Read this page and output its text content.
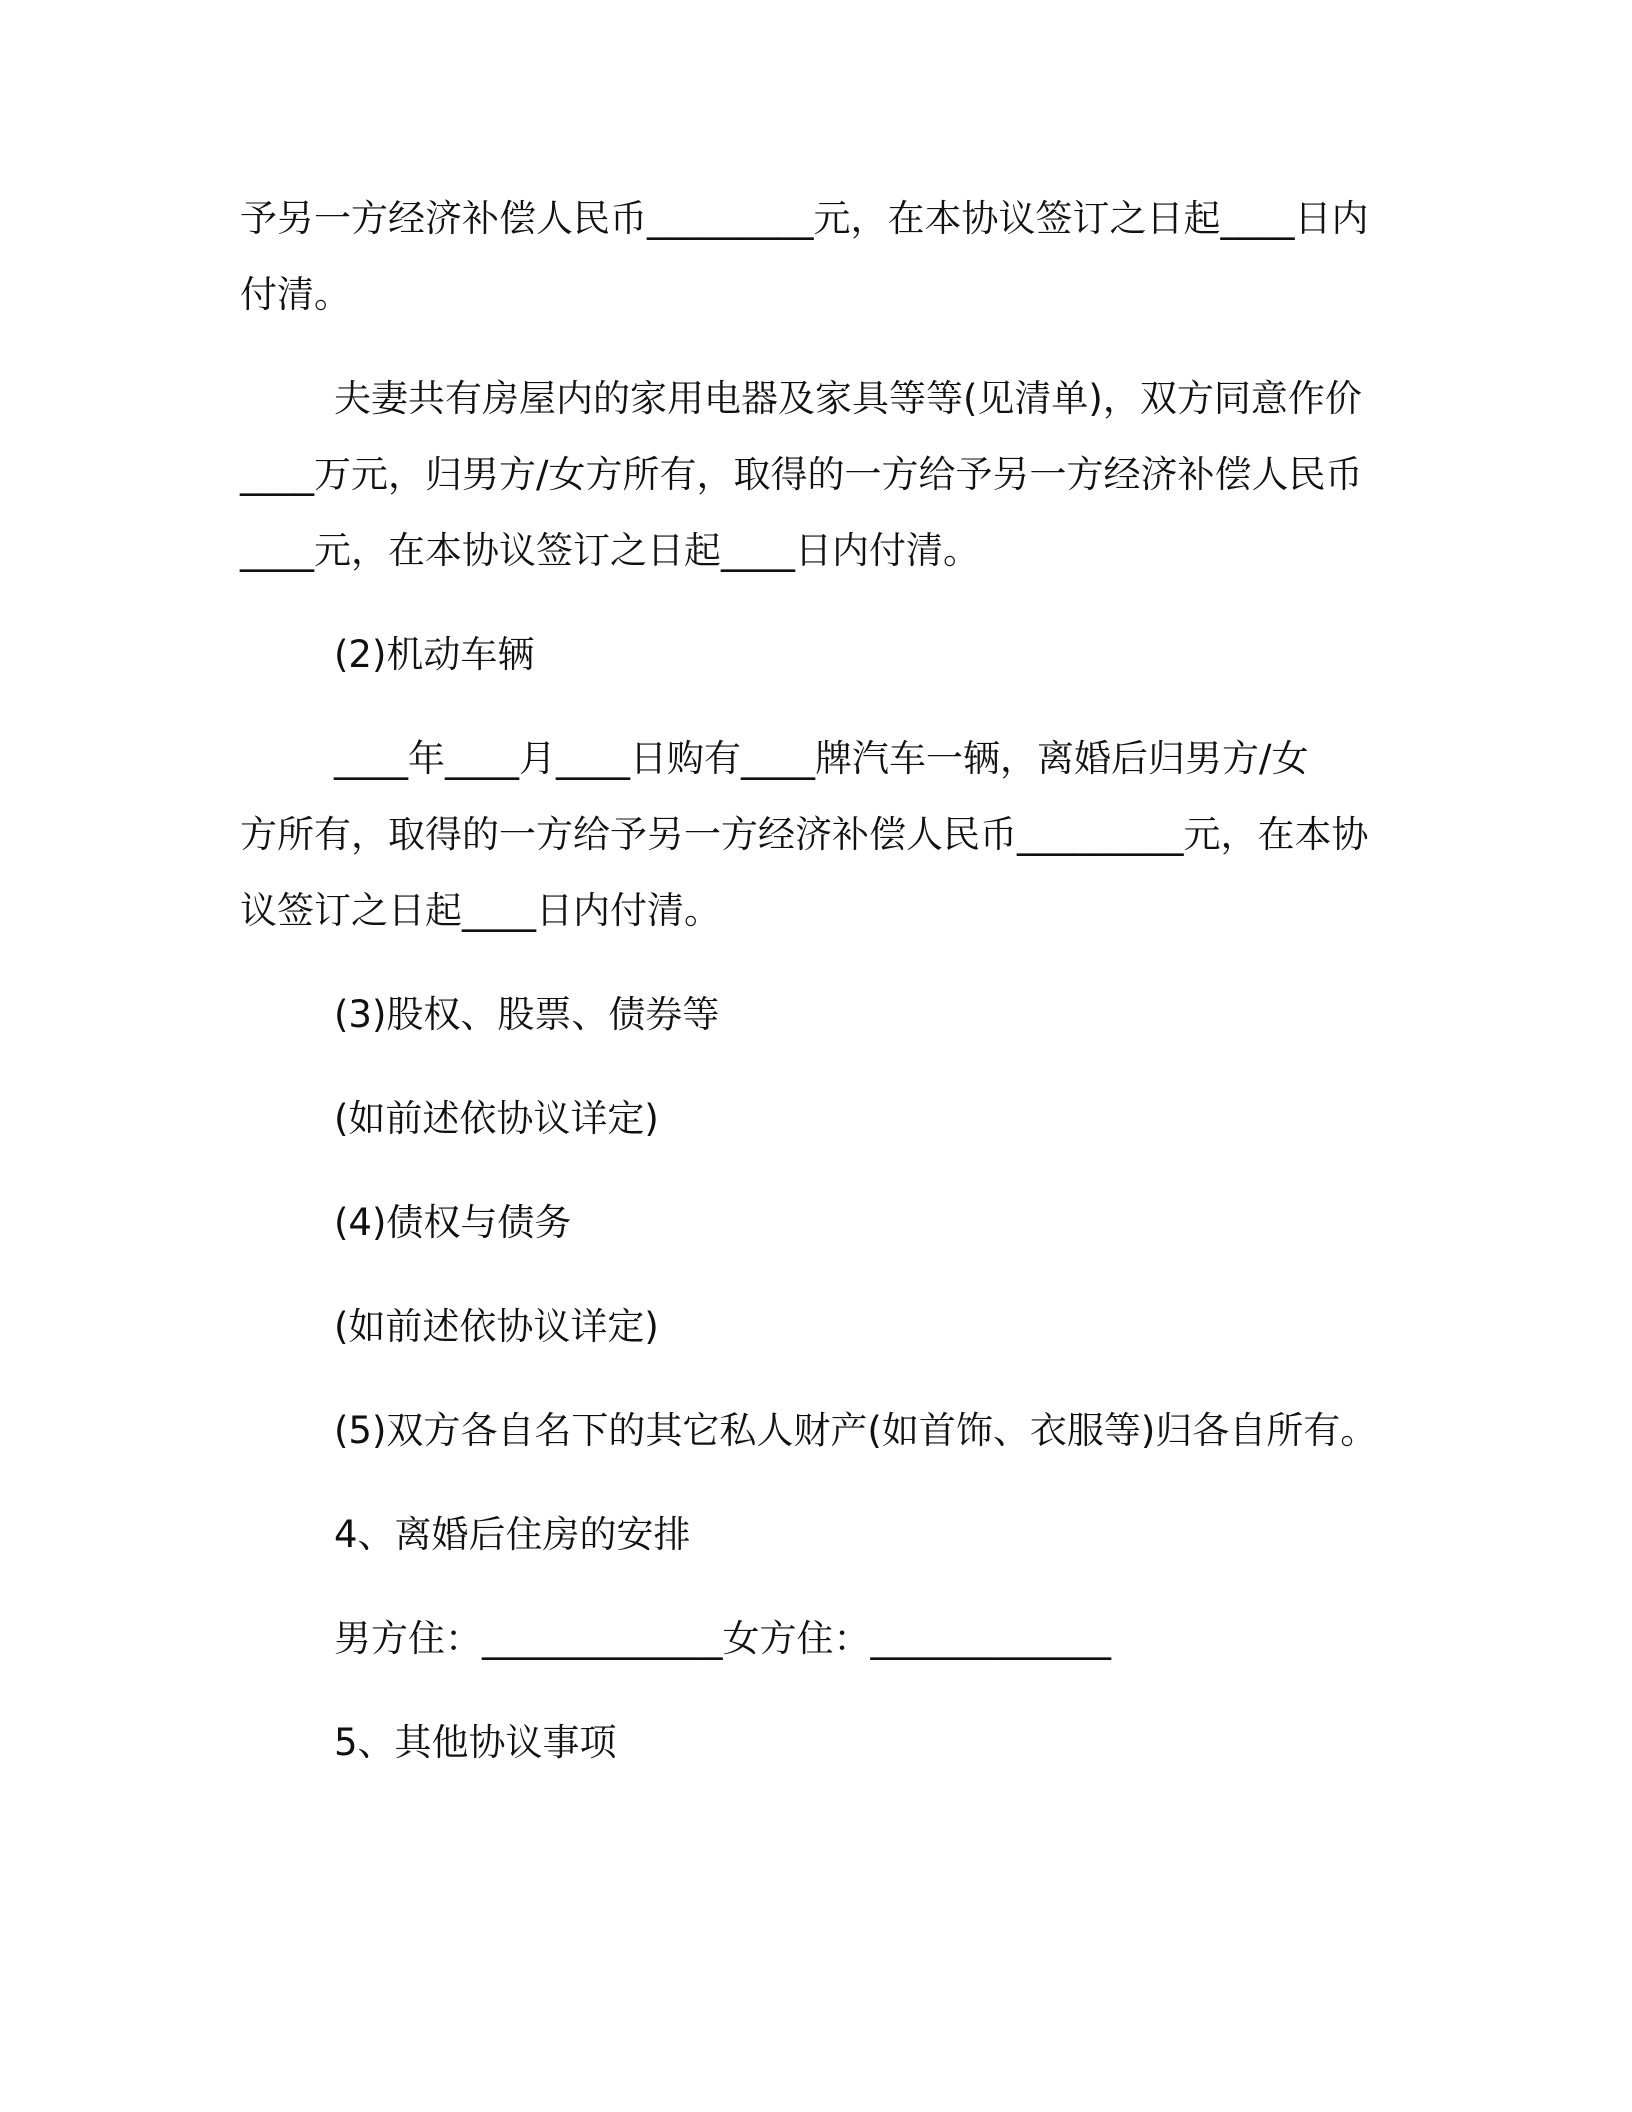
予另一方经济补偿人民币_________元，在本协议签订之日起____日内
付清。
夫妻共有房屋内的家用电器及家具等等(见清单)，双方同意作价
____万元，归男方/女方所有，取得的一方给予另一方经济补偿人民币
____元，在本协议签订之日起____日内付清。
(2)机动车辆
____年____月____日购有____牌汽车一辆，离婚后归男方/女
方所有，取得的一方给予另一方经济补偿人民币_________元，在本协
议签订之日起____日内付清。
(3)股权、股票、债券等
(如前述依协议详定)
(4)债权与债务
(如前述依协议详定)
(5)双方各自名下的其它私人财产(如首饰、衣服等)归各自所有。
4、离婚后住房的安排
男方住：_____________女方住：_____________
5、其他协议事项
